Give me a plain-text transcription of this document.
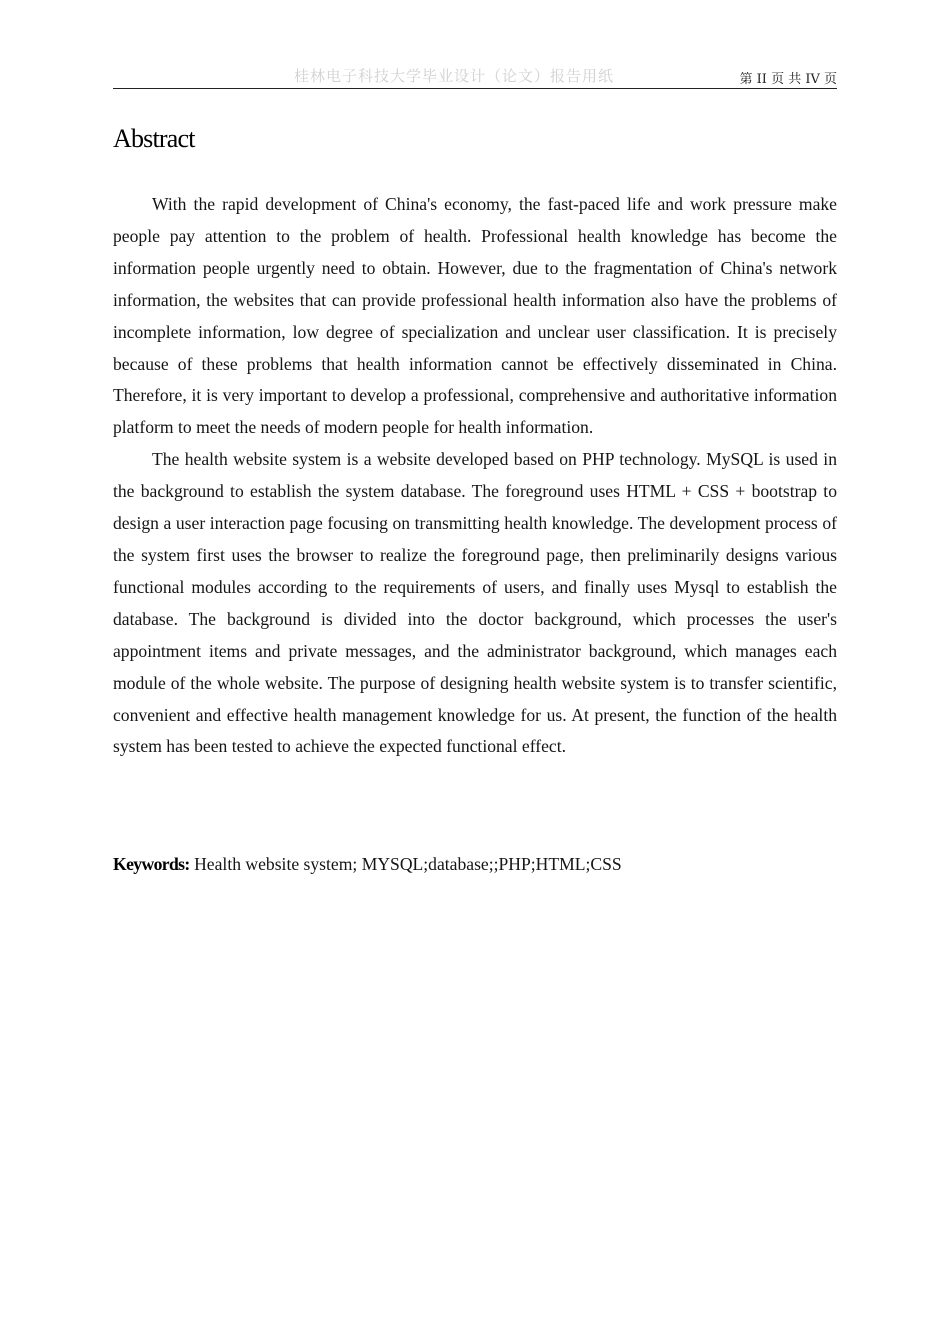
桂林电子科技大学毕业设计（论文）报告用纸	第 II 页 共 IV 页
Abstract

With the rapid development of China's economy, the fast-paced life and work pressure make people pay attention to the problem of health. Professional health knowledge has become the information people urgently need to obtain. However, due to the fragmentation of China's network information, the websites that can provide professional health information also have the problems of incomplete information, low degree of specialization and unclear user classification. It is precisely because of these problems that health information cannot be effectively disseminated in China. Therefore, it is very important to develop a professional, comprehensive and authoritative information platform to meet the needs of modern people for health information.

The health website system is a website developed based on PHP technology. MySQL is used in the background to establish the system database. The foreground uses HTML + CSS + bootstrap to design a user interaction page focusing on transmitting health knowledge. The development process of the system first uses the browser to realize the foreground page, then preliminarily designs various functional modules according to the requirements of users, and finally uses Mysql to establish the database. The background is divided into the doctor background, which processes the user's appointment items and private messages, and the administrator background, which manages each module of the whole website. The purpose of designing health website system is to transfer scientific, convenient and effective health management knowledge for us. At present, the function of the health system has been tested to achieve the expected functional effect.

Keywords: Health website system; MYSQL;database;;PHP;HTML;CSS
